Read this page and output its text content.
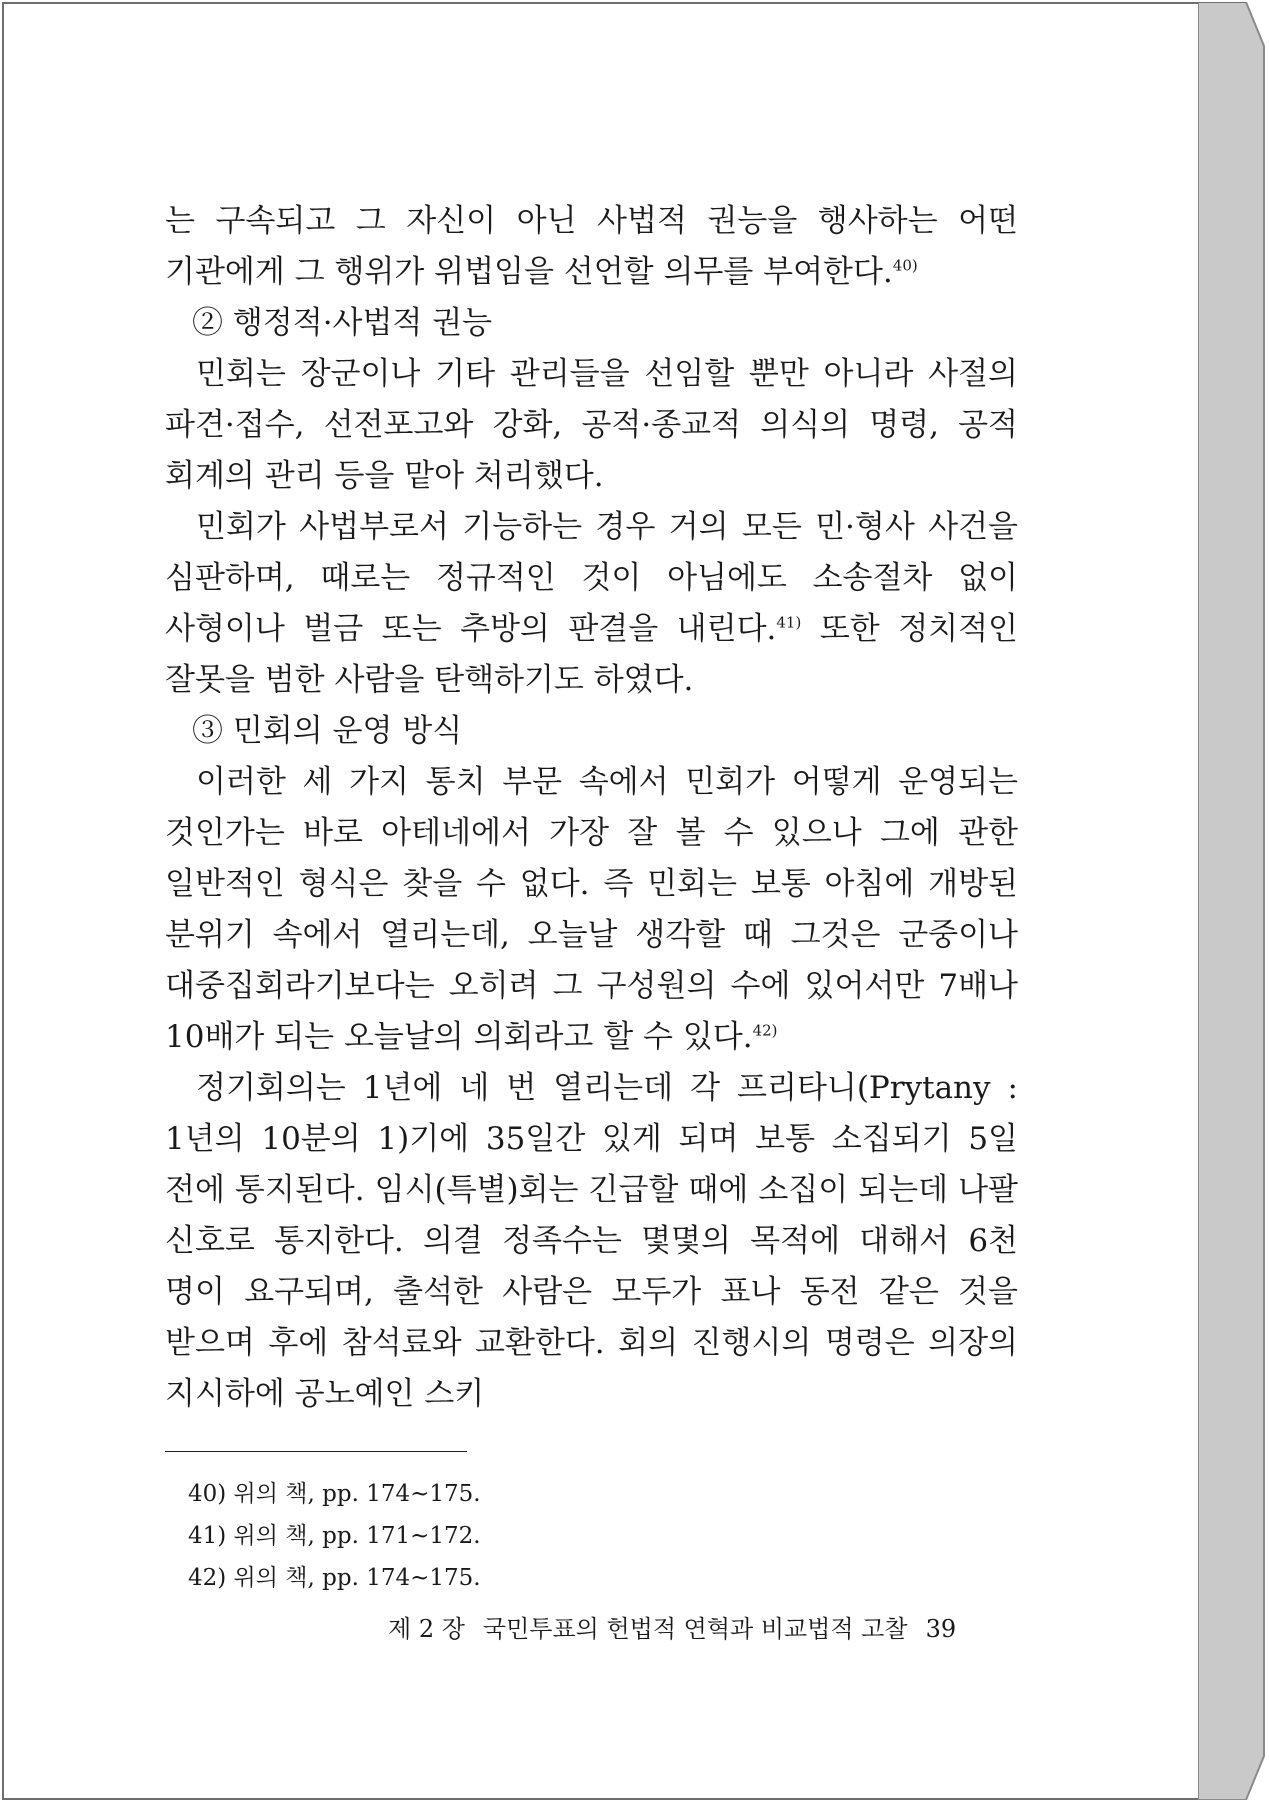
는 구속되고 그 자신이 아닌 사법적 권능을 행사하는 어떤 기관에게 그 행위가 위법임을 선언할 의무를 부여한다.$^{40)}$

② 행정적·사법적 권능

민회는 장군이나 기타 관리들을 선임할 뿐만 아니라 사절의 파견·접수, 선전포고와 강화, 공적·종교적 의식의 명령, 공적 회계의 관리 등을 맡아 처리했다.

민회가 사법부로서 기능하는 경우 거의 모든 민·형사 사건을 심판하며, 때로는 정규적인 것이 아님에도 소송절차 없이 사형이나 벌금 또는 추방의 판결을 내린다.$^{41)}$ 또한 정치적인 잘못을 범한 사람을 탄핵하기도 하였다.

③ 민회의 운영 방식

이러한 세 가지 통치 부문 속에서 민회가 어떻게 운영되는 것인가는 바로 아테네에서 가장 잘 볼 수 있으나 그에 관한 일반적인 형식은 찾을 수 없다. 즉 민회는 보통 아침에 개방된 분위기 속에서 열리는데, 오늘날 생각할 때 그것은 군중이나 대중집회라기보다는 오히려 그 구성원의 수에 있어서만 7배나 10배가 되는 오늘날의 의회라고 할 수 있다.$^{42)}$

정기회의는 1년에 네 번 열리는데 각 프리타니(Prytany : 1년의 10분의 1)기에 35일간 있게 되며 보통 소집되기 5일 전에 통지된다. 임시(특별)회는 긴급할 때에 소집이 되는데 나팔 신호로 통지한다. 의결 정족수는 몇몇의 목적에 대해서 6천 명이 요구되며, 출석한 사람은 모두가 표나 동전 같은 것을 받으며 후에 참석료와 교환한다. 회의 진행시의 명령은 의장의 지시하에 공노예인 스키

40) 위의 책, pp. 174~175.

41) 위의 책, pp. 171~172.

42) 위의 책, pp. 174~175.

제 2 장 국민투표의 헌법적 연혁과 비교법적 고찰 39
